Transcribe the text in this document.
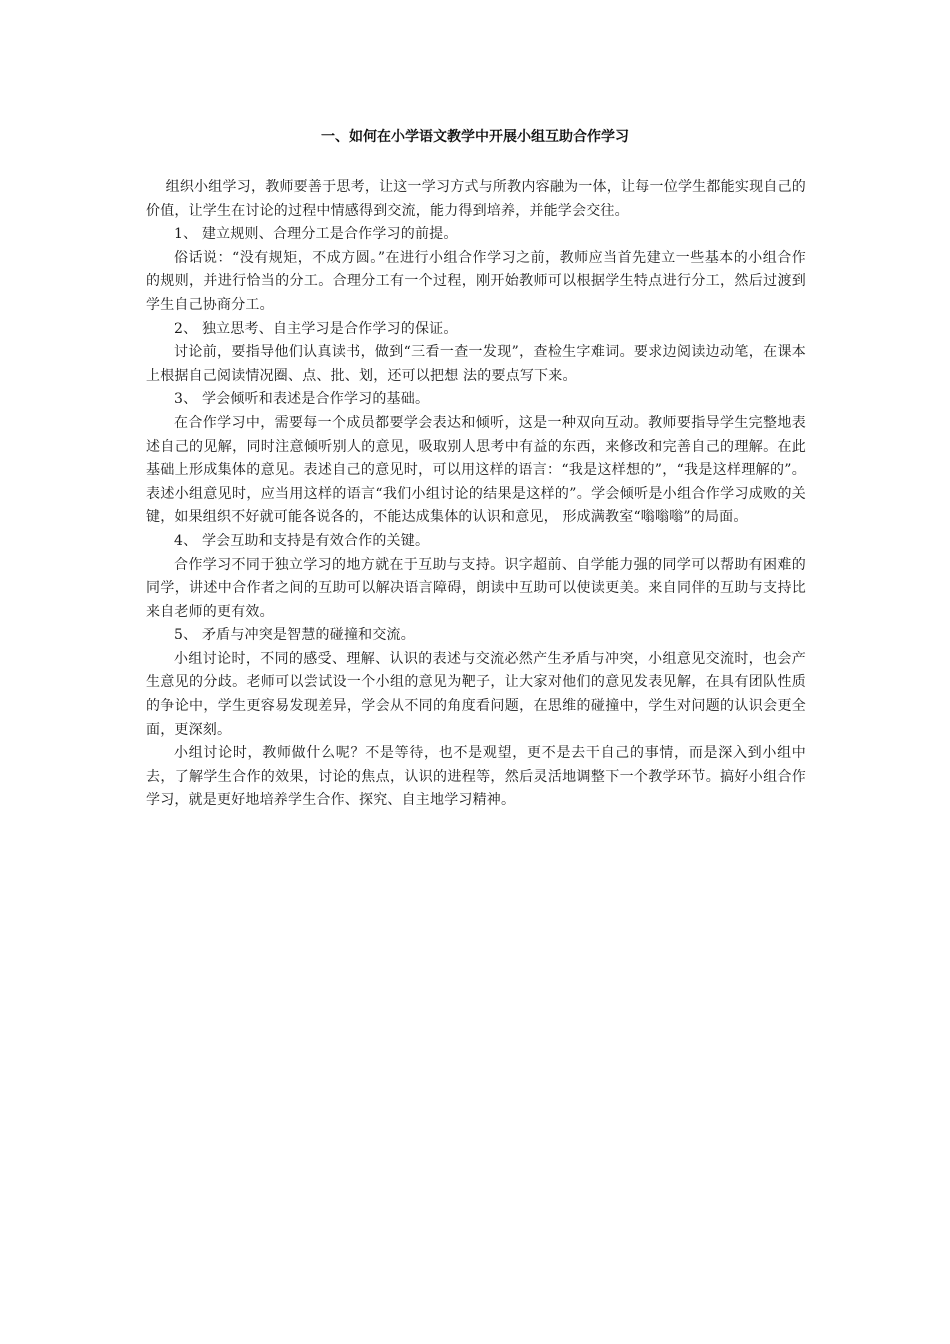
一、如何在小学语文教学中开展小组互助合作学习

组织小组学习，教师要善于思考，让这一学习方式与所教内容融为一体，让每一位学生都能实现自己的价值，让学生在讨论的过程中情感得到交流，能力得到培养，并能学会交往。

1、 建立规则、合理分工是合作学习的前提。

俗话说：“没有规矩，不成方圆。”在进行小组合作学习之前，教师应当首先建立一些基本的小组合作的规则，并进行恰当的分工。合理分工有一个过程，刚开始教师可以根据学生特点进行分工，然后过渡到学生自己协商分工。

2、 独立思考、自主学习是合作学习的保证。

讨论前，要指导他们认真读书，做到“三看一查一发现”，查检生字难词。要求边阅读边动笔，在课本上根据自己阅读情况圈、点、批、划，还可以把想 法的要点写下来。

3、 学会倾听和表述是合作学习的基础。

在合作学习中，需要每一个成员都要学会表达和倾听，这是一种双向互动。教师要指导学生完整地表述自己的见解，同时注意倾听别人的意见，吸取别人思考中有益的东西，来修改和完善自己的理解。在此基础上形成集体的意见。表述自己的意见时，可以用这样的语言：“我是这样想的”，“我是这样理解的”。表述小组意见时，应当用这样的语言“我们小组讨论的结果是这样的”。学会倾听是小组合作学习成败的关键，如果组织不好就可能各说各的，不能达成集体的认识和意见， 形成满教室“嗡嗡嗡”的局面。

4、 学会互助和支持是有效合作的关键。

合作学习不同于独立学习的地方就在于互助与支持。识字超前、自学能力强的同学可以帮助有困难的同学，讲述中合作者之间的互助可以解决语言障碍，朗读中互助可以使读更美。来自同伴的互助与支持比来自老师的更有效。

5、 矛盾与冲突是智慧的碰撞和交流。

小组讨论时，不同的感受、理解、认识的表述与交流必然产生矛盾与冲突，小组意见交流时，也会产生意见的分歧。老师可以尝试设一个小组的意见为靶子，让大家对他们的意见发表见解，在具有团队性质的争论中，学生更容易发现差异，学会从不同的角度看问题，在思维的碰撞中，学生对问题的认识会更全面，更深刻。

小组讨论时，教师做什么呢？不是等待，也不是观望，更不是去干自己的事情，而是深入到小组中去，了解学生合作的效果，讨论的焦点，认识的进程等，然后灵活地调整下一个教学环节。搞好小组合作学习，就是更好地培养学生合作、探究、自主地学习精神。
